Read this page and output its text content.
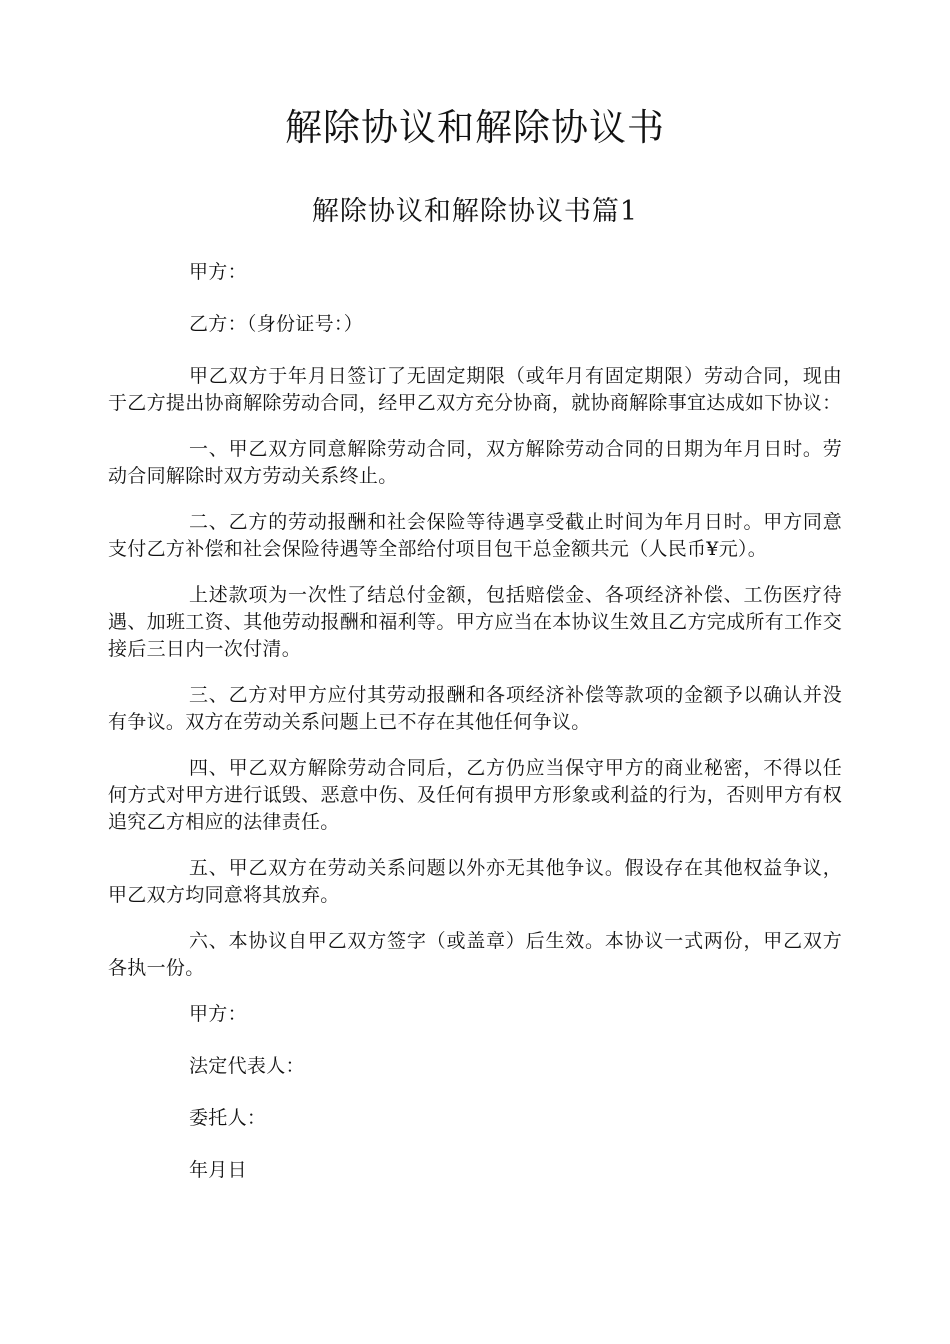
解除协议和解除协议书
解除协议和解除协议书篇1

甲方：

乙方：（身份证号：）

甲乙双方于年月日签订了无固定期限（或年月有固定期限）劳动合同，现由于乙方提出协商解除劳动合同，经甲乙双方充分协商，就协商解除事宜达成如下协议：

一、甲乙双方同意解除劳动合同，双方解除劳动合同的日期为年月日时。劳动合同解除时双方劳动关系终止。

二、乙方的劳动报酬和社会保险等待遇享受截止时间为年月日时。甲方同意支付乙方补偿和社会保险待遇等全部给付项目包干总金额共元（人民币¥元）。

上述款项为一次性了结总付金额，包括赔偿金、各项经济补偿、工伤医疗待遇、加班工资、其他劳动报酬和福利等。甲方应当在本协议生效且乙方完成所有工作交接后三日内一次付清。

三、乙方对甲方应付其劳动报酬和各项经济补偿等款项的金额予以确认并没有争议。双方在劳动关系问题上已不存在其他任何争议。

四、甲乙双方解除劳动合同后，乙方仍应当保守甲方的商业秘密，不得以任何方式对甲方进行诋毁、恶意中伤、及任何有损甲方形象或利益的行为，否则甲方有权追究乙方相应的法律责任。

五、甲乙双方在劳动关系问题以外亦无其他争议。假设存在其他权益争议，甲乙双方均同意将其放弃。

六、本协议自甲乙双方签字（或盖章）后生效。本协议一式两份，甲乙双方各执一份。

甲方：

法定代表人：

委托人：

年月日
